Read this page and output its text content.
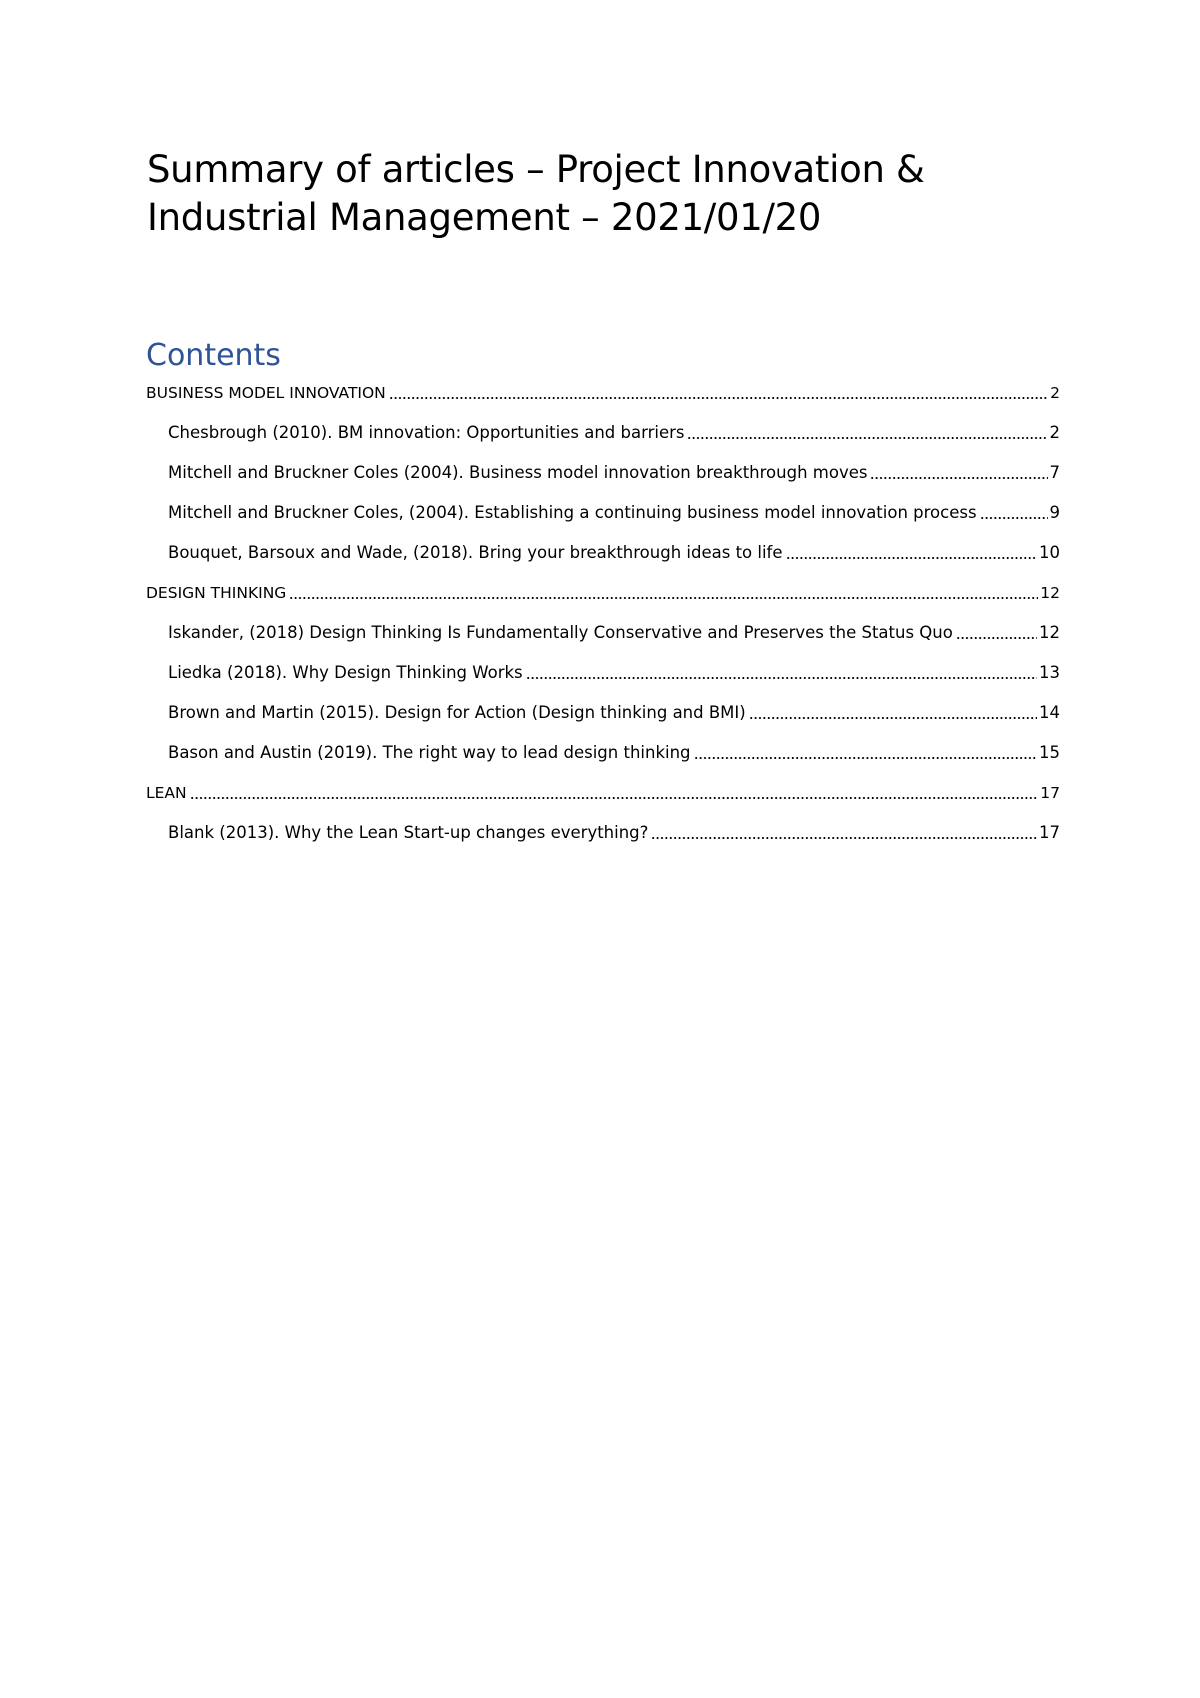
Summary of articles – Project Innovation &
Industrial Management – 2021/01/20
Contents
BUSINESS MODEL INNOVATION	2
Chesbrough (2010). BM innovation: Opportunities and barriers	2
Mitchell and Bruckner Coles (2004). Business model innovation breakthrough moves	7
Mitchell and Bruckner Coles, (2004). Establishing a continuing business model innovation process	9
Bouquet, Barsoux and Wade, (2018). Bring your breakthrough ideas to life	10
DESIGN THINKING	12
Iskander, (2018) Design Thinking Is Fundamentally Conservative and Preserves the Status Quo	12
Liedka (2018). Why Design Thinking Works	13
Brown and Martin (2015). Design for Action (Design thinking and BMI)	14
Bason and Austin (2019). The right way to lead design thinking	15
LEAN	17
Blank (2013). Why the Lean Start-up changes everything?	17
